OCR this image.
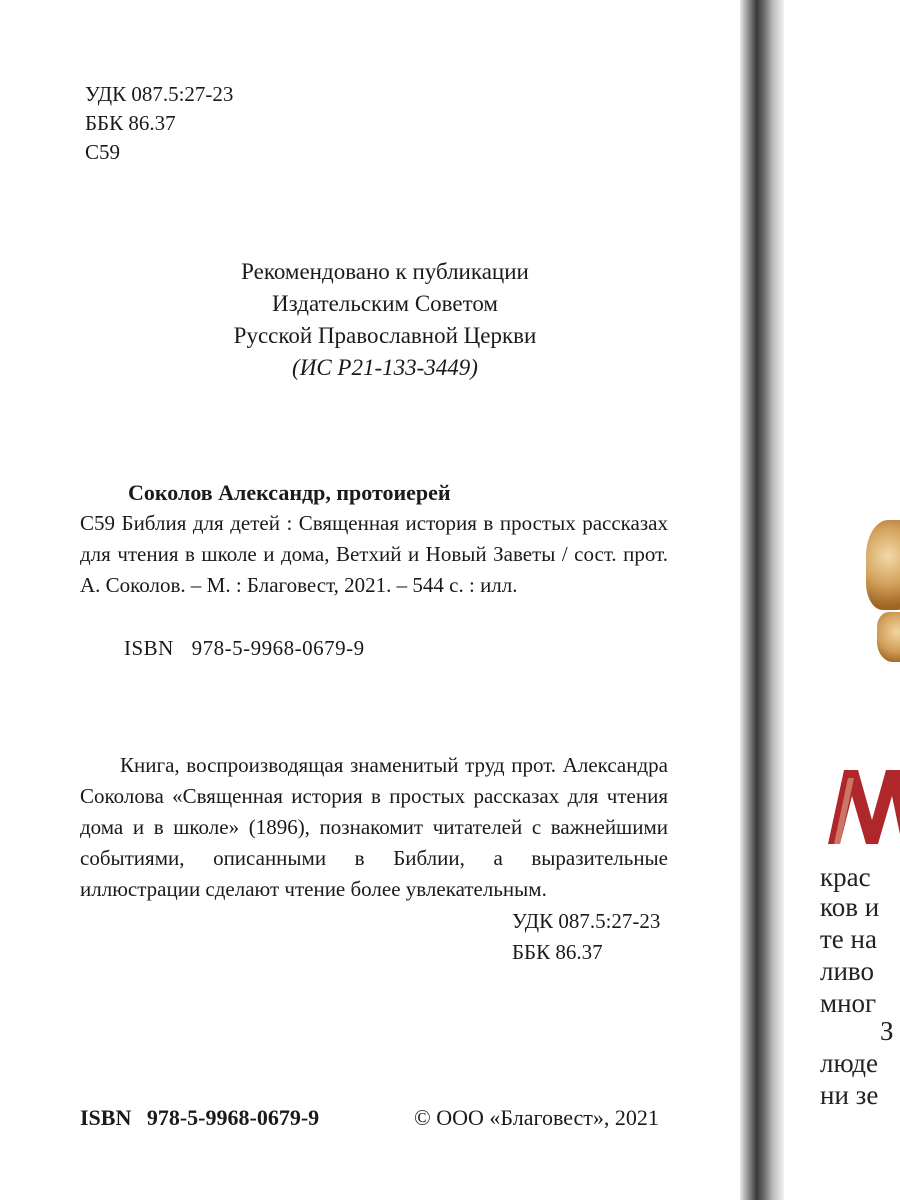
УДК 087.5:27-23
ББК 86.37
С59
Рекомендовано к публикации
Издательским Советом
Русской Православной Церкви
(ИС Р21-133-3449)
Соколов Александр, протоиерей
С59 Библия для детей : Священная история в простых рассказах для чтения в школе и дома, Ветхий и Новый Заветы / сост. прот. А. Соколов. – М. : Благовест, 2021. – 544 с. : илл.
ISBN 978-5-9968-0679-9
Книга, воспроизводящая знаменитый труд прот. Александра Соколова «Священная история в простых рассказах для чтения дома и в школе» (1896), познакомит читателей с важнейшими событиями, описанными в Библии, а выразительные иллюстрации сделают чтение более увлекательным.
УДК 087.5:27-23
ББК 86.37
ISBN 978-5-9968-0679-9	© ООО «Благовест», 2021
крас
ков и
те на
ливо
мног
З
люде
ни зе
